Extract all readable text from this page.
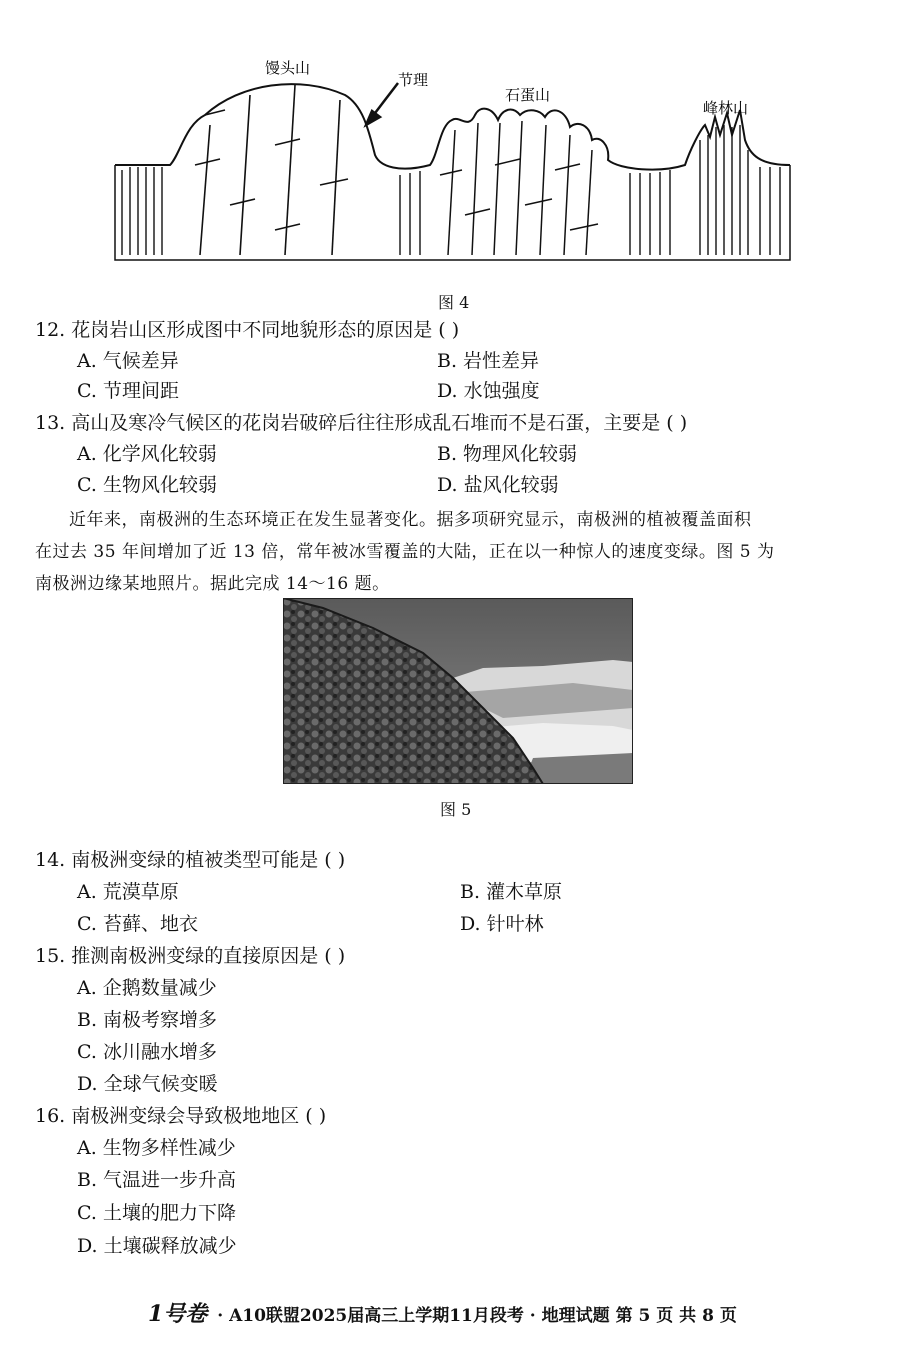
馒头山
节理
石蛋山
峰林山
图 4
12. 花岗岩山区形成图中不同地貌形态的原因是 ( )
A. 气候差异	B. 岩性差异
C. 节理间距	D. 水蚀强度
13. 高山及寒冷气候区的花岗岩破碎后往往形成乱石堆而不是石蛋，主要是 ( )
A. 化学风化较弱	B. 物理风化较弱
C. 生物风化较弱	D. 盐风化较弱

近年来，南极洲的生态环境正在发生显著变化。据多项研究显示，南极洲的植被覆盖面积

在过去 35 年间增加了近 13 倍，常年被冰雪覆盖的大陆，正在以一种惊人的速度变绿。图 5 为
南极洲边缘某地照片。据此完成 14～16 题。
图 5
14. 南极洲变绿的植被类型可能是 ( )
A. 荒漠草原	B. 灌木草原
C. 苔藓、地衣	D. 针叶林
15. 推测南极洲变绿的直接原因是 ( )
A. 企鹅数量减少
B. 南极考察增多
C. 冰川融水增多
D. 全球气候变暖
16. 南极洲变绿会导致极地地区 ( )
A. 生物多样性减少
B. 气温进一步升高
C. 土壤的肥力下降
D. 土壤碳释放减少
1号卷 · A10联盟2025届高三上学期11月段考 · 地理试题 第 5 页 共 8 页
